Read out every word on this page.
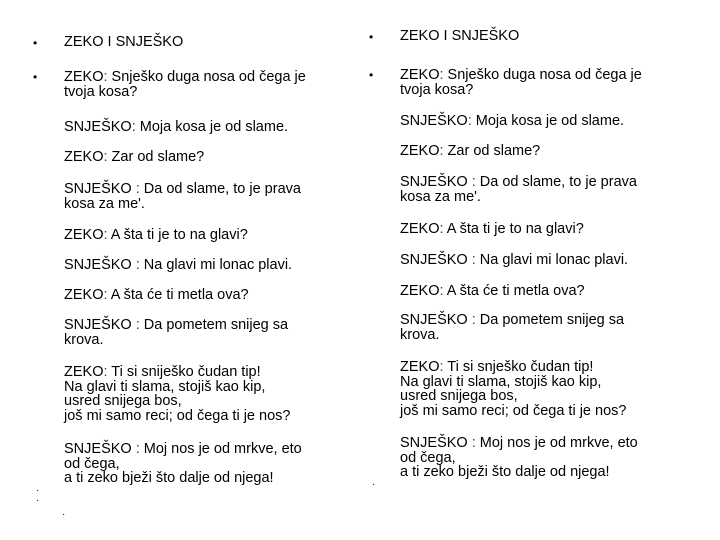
• ZEKO I SNJEŠKO

• ZEKO: Snješko duga nosa od čega je
tvoja kosa?

SNJEŠKO: Moja kosa je od slame.

ZEKO: Zar od slame?

SNJEŠKO : Da od slame, to je prava
kosa za me'.

ZEKO: A šta ti je to na glavi?

SNJEŠKO : Na glavi mi lonac plavi.

ZEKO: A šta će ti metla ova?

SNJEŠKO : Da pometem snijeg sa
krova.

ZEKO: Ti si sniješko čudan tip!
Na glavi ti slama, stojiš kao kip,
usred snijega bos,
još mi samo reci; od čega ti je nos?

SNJEŠKO : Moj nos je od mrkve, eto
od čega,
a ti zeko bježi što dalje od njega!

·
·
·
• ZEKO I SNJEŠKO

• ZEKO: Snješko duga nosa od čega je
tvoja kosa?

SNJEŠKO: Moja kosa je od slame.

ZEKO: Zar od slame?

SNJEŠKO : Da od slame, to je prava
kosa za me'.

ZEKO: A šta ti je to na glavi?

SNJEŠKO : Na glavi mi lonac plavi.

ZEKO: A šta će ti metla ova?

SNJEŠKO : Da pometem snijeg sa
krova.

ZEKO: Ti si snješko čudan tip!
Na glavi ti slama, stojiš kao kip,
usred snijega bos,
još mi samo reci; od čega ti je nos?

SNJEŠKO : Moj nos je od mrkve, eto
od čega,
a ti zeko bježi što dalje od njega!

·
